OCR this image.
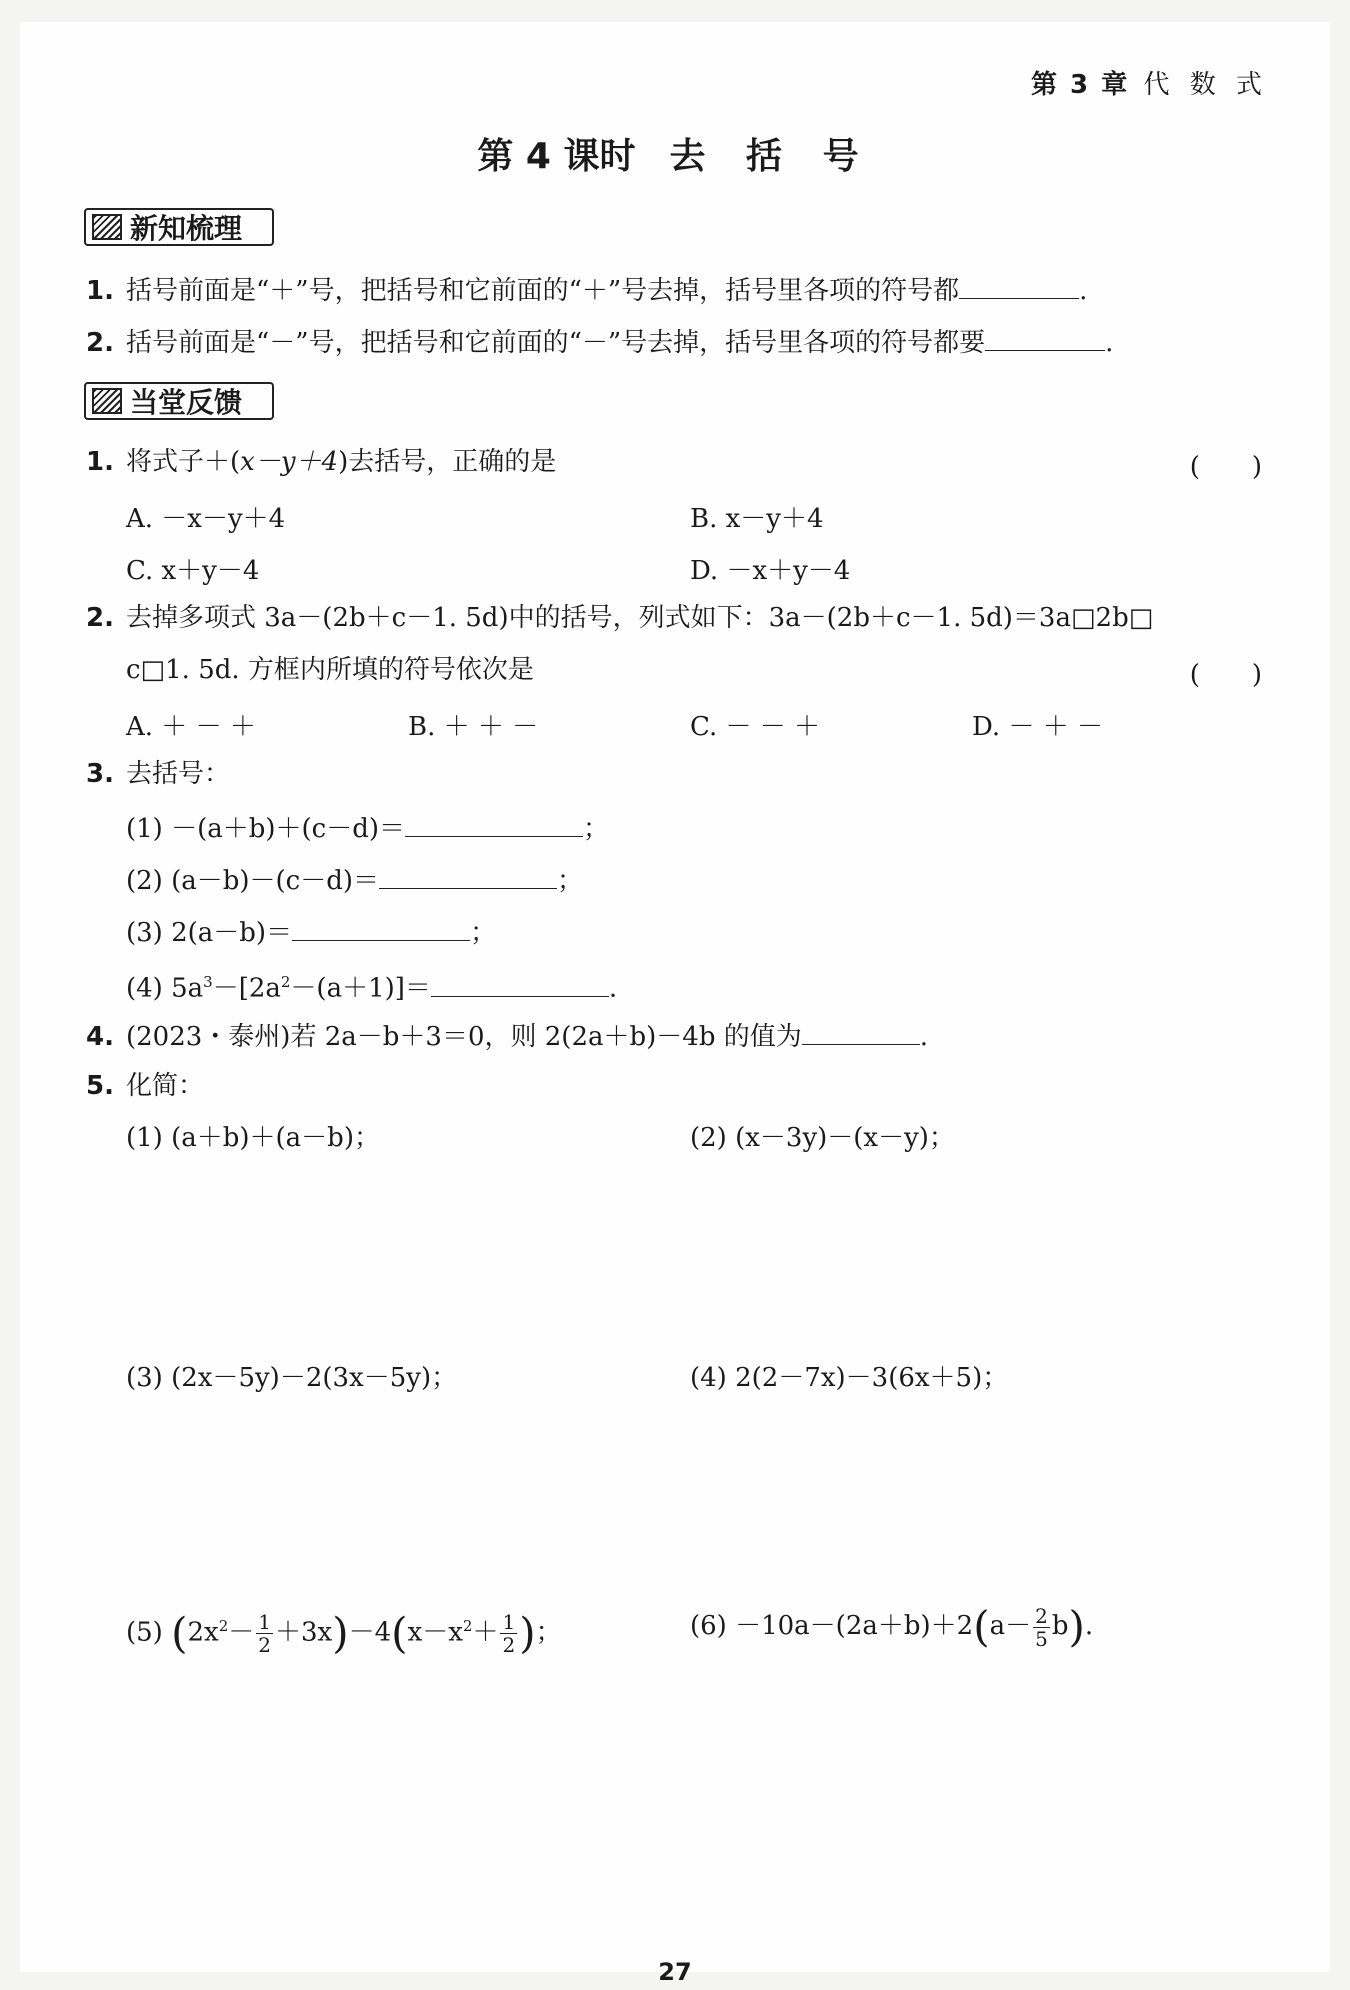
第 3 章 代 数 式
第 4 课时 去 括 号
新知梳理
1. 括号前面是“＋”号，把括号和它前面的“＋”号去掉，括号里各项的符号都	.
2. 括号前面是“－”号，把括号和它前面的“－”号去掉，括号里各项的符号都要	.
当堂反馈
1. 将式子＋(x－y＋4)去括号，正确的是	(　　)
A. －x－y＋4	B. x－y＋4
C. x＋y－4	D. －x＋y－4
2. 去掉多项式 3a－(2b＋c－1. 5d)中的括号，列式如下：3a－(2b＋c－1. 5d)＝3a□2b□
c□1. 5d. 方框内所填的符号依次是	(　　)
A. ＋ － ＋	B. ＋ ＋ －	C. － － ＋	D. － ＋ －
3. 去括号：
(1) －(a＋b)＋(c－d)＝	；
(2) (a－b)－(c－d)＝	；
(3) 2(a－b)＝	；
(4) $5a^3-[2a^2-(a+1)]=$	.
4. (2023・泰州)若 2a－b＋3＝0，则 2(2a＋b)－4b 的值为	.
5. 化简：
(1) (a＋b)＋(a－b)；	(2) (x－3y)－(x－y)；
(3) (2x－5y)－2(3x－5y)；	(4) 2(2－7x)－3(6x＋5)；
(5) $(2x^2- \frac{1}{2} +3x)-4(x-x^2+ \frac{1}{2}$ )；	$(6) -10a-(2a+b)+2(a- \frac{2}{5} b)$.
27
